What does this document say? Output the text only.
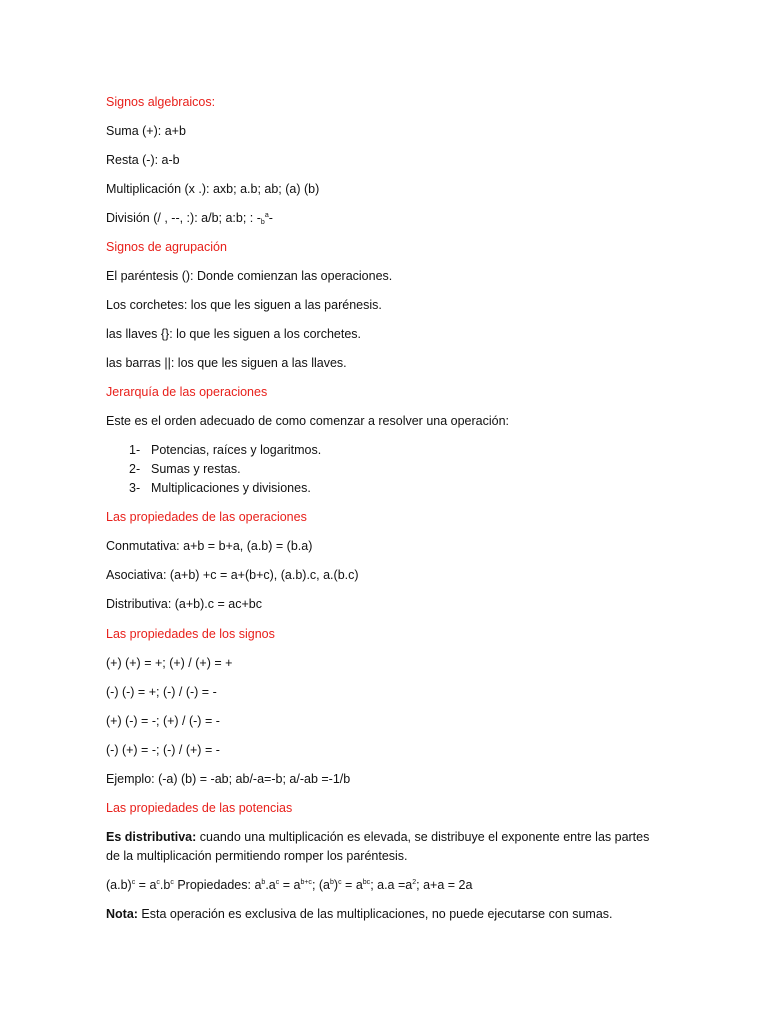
Signos algebraicos:
Suma (+): a+b
Resta (-): a-b
Multiplicación (x .): axb; a.b; ab; (a) (b)
División (/ , --, :): a/b; a:b; : $-_b^a-$
Signos de agrupación
El paréntesis (): Donde comienzan las operaciones.
Los corchetes: los que les siguen a las parénesis.
las llaves {}: lo que les siguen a los corchetes.
las barras ||: los que les siguen a las llaves.
Jerarquía de las operaciones
Este es el orden adecuado de como comenzar a resolver una operación:
1- Potencias, raíces y logaritmos.
2- Sumas y restas.
3- Multiplicaciones y divisiones.
Las propiedades de las operaciones
Conmutativa: a+b = b+a, (a.b) = (b.a)
Asociativa: (a+b) +c = a+(b+c), (a.b).c, a.(b.c)
Distributiva: (a+b).c = ac+bc
Las propiedades de los signos
(+) (+) = +; (+) / (+) = +
(-) (-) = +; (-) / (-) = -
(+) (-) = -; (+) / (-) = -
(-) (+) = -; (-) / (+) = -
Ejemplo: (-a) (b) = -ab; ab/-a=-b; a/-ab =-1/b
Las propiedades de las potencias
Es distributiva: cuando una multiplicación es elevada, se distribuye el exponente entre las partes
de la multiplicación permitiendo romper los paréntesis.
$(a.b)^c = a^c.b^c$ Propiedades: $a^b.a^c = a^{b+c}$; $(a^b)^c = a^{bc}$; $a.a =a^2$; a+a = 2a
Nota: Esta operación es exclusiva de las multiplicaciones, no puede ejecutarse con sumas.
